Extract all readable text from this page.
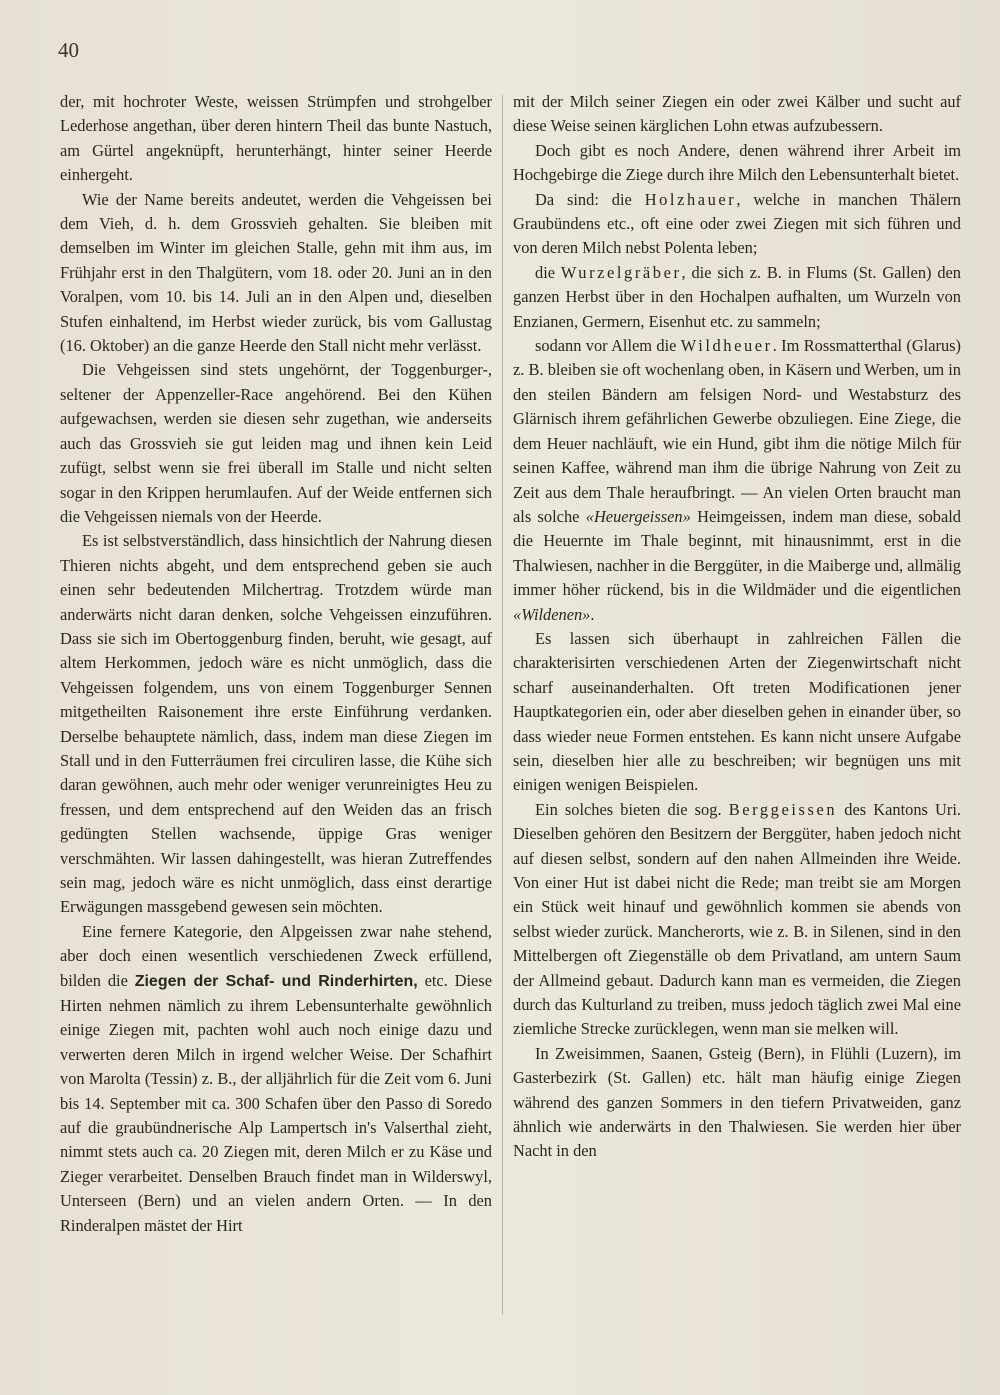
40

der, mit hochroter Weste, weissen Strümpfen und strohgelber Lederhose angethan, über deren hintern Theil das bunte Nastuch, am Gürtel angeknüpft, herunterhängt, hinter seiner Heerde einhergeht.

Wie der Name bereits andeutet, werden die Vehgeissen bei dem Vieh, d. h. dem Grossvieh gehalten. Sie bleiben mit demselben im Winter im gleichen Stalle, gehn mit ihm aus, im Frühjahr erst in den Thalgütern, vom 18. oder 20. Juni an in den Voralpen, vom 10. bis 14. Juli an in den Alpen und, dieselben Stufen einhaltend, im Herbst wieder zurück, bis vom Gallustag (16. Oktober) an die ganze Heerde den Stall nicht mehr verlässt.

Die Vehgeissen sind stets ungehörnt, der Toggenburger-, seltener der Appenzeller-Race angehörend. Bei den Kühen aufgewachsen, werden sie diesen sehr zugethan, wie anderseits auch das Grossvieh sie gut leiden mag und ihnen kein Leid zufügt, selbst wenn sie frei überall im Stalle und nicht selten sogar in den Krippen herumlaufen. Auf der Weide entfernen sich die Vehgeissen niemals von der Heerde.

Es ist selbstverständlich, dass hinsichtlich der Nahrung diesen Thieren nichts abgeht, und dem entsprechend geben sie auch einen sehr bedeutenden Milchertrag. Trotzdem würde man anderwärts nicht daran denken, solche Vehgeissen einzuführen. Dass sie sich im Obertoggenburg finden, beruht, wie gesagt, auf altem Herkommen, jedoch wäre es nicht unmöglich, dass die Vehgeissen folgendem, uns von einem Toggenburger Sennen mitgetheilten Raisonement ihre erste Einführung verdanken. Derselbe behauptete nämlich, dass, indem man diese Ziegen im Stall und in den Futterräumen frei circuliren lasse, die Kühe sich daran gewöhnen, auch mehr oder weniger verunreinigtes Heu zu fressen, und dem entsprechend auf den Weiden das an frisch gedüngten Stellen wachsende, üppige Gras weniger verschmähten. Wir lassen dahingestellt, was hieran Zutreffendes sein mag, jedoch wäre es nicht unmöglich, dass einst derartige Erwägungen massgebend gewesen sein möchten.

Eine fernere Kategorie, den Alpgeissen zwar nahe stehend, aber doch einen wesentlich verschiedenen Zweck erfüllend, bilden die Ziegen der Schaf- und Rinderhirten, etc. Diese Hirten nehmen nämlich zu ihrem Lebensunterhalte gewöhnlich einige Ziegen mit, pachten wohl auch noch einige dazu und verwerten deren Milch in irgend welcher Weise. Der Schafhirt von Marolta (Tessin) z. B., der alljährlich für die Zeit vom 6. Juni bis 14. September mit ca. 300 Schafen über den Passo di Soredo auf die graubündnerische Alp Lampertsch in's Valserthal zieht, nimmt stets auch ca. 20 Ziegen mit, deren Milch er zu Käse und Zieger verarbeitet. Denselben Brauch findet man in Wilderswyl, Unterseen (Bern) und an vielen andern Orten. — In den Rinderalpen mästet der Hirt

mit der Milch seiner Ziegen ein oder zwei Kälber und sucht auf diese Weise seinen kärglichen Lohn etwas aufzubessern.

Doch gibt es noch Andere, denen während ihrer Arbeit im Hochgebirge die Ziege durch ihre Milch den Lebensunterhalt bietet.

Da sind: die Holzhauer, welche in manchen Thälern Graubündens etc., oft eine oder zwei Ziegen mit sich führen und von deren Milch nebst Polenta leben;

die Wurzelgräber, die sich z. B. in Flums (St. Gallen) den ganzen Herbst über in den Hochalpen aufhalten, um Wurzeln von Enzianen, Germern, Eisenhut etc. zu sammeln;

sodann vor Allem die Wildheuer. Im Rossmatterthal (Glarus) z. B. bleiben sie oft wochenlang oben, in Käsern und Werben, um in den steilen Bändern am felsigen Nord- und Westabsturz des Glärnisch ihrem gefährlichen Gewerbe obzuliegen. Eine Ziege, die dem Heuer nachläuft, wie ein Hund, gibt ihm die nötige Milch für seinen Kaffee, während man ihm die übrige Nahrung von Zeit zu Zeit aus dem Thale heraufbringt. — An vielen Orten braucht man als solche «Heuergeissen» Heimgeissen, indem man diese, sobald die Heuernte im Thale beginnt, mit hinausnimmt, erst in die Thalwiesen, nachher in die Berggüter, in die Maiberge und, allmälig immer höher rückend, bis in die Wildmäder und die eigentlichen «Wildenen».

Es lassen sich überhaupt in zahlreichen Fällen die charakterisirten verschiedenen Arten der Ziegenwirtschaft nicht scharf auseinanderhalten. Oft treten Modificationen jener Hauptkategorien ein, oder aber dieselben gehen in einander über, so dass wieder neue Formen entstehen. Es kann nicht unsere Aufgabe sein, dieselben hier alle zu beschreiben; wir begnügen uns mit einigen wenigen Beispielen.

Ein solches bieten die sog. Berggeissen des Kantons Uri. Dieselben gehören den Besitzern der Berggüter, haben jedoch nicht auf diesen selbst, sondern auf den nahen Allmeinden ihre Weide. Von einer Hut ist dabei nicht die Rede; man treibt sie am Morgen ein Stück weit hinauf und gewöhnlich kommen sie abends von selbst wieder zurück. Mancherorts, wie z. B. in Silenen, sind in den Mittelbergen oft Ziegenställe ob dem Privatland, am untern Saum der Allmeind gebaut. Dadurch kann man es vermeiden, die Ziegen durch das Kulturland zu treiben, muss jedoch täglich zwei Mal eine ziemliche Strecke zurücklegen, wenn man sie melken will.

In Zweisimmen, Saanen, Gsteig (Bern), in Flühli (Luzern), im Gasterbezirk (St. Gallen) etc. hält man häufig einige Ziegen während des ganzen Sommers in den tiefern Privatweiden, ganz ähnlich wie anderwärts in den Thalwiesen. Sie werden hier über Nacht in den
